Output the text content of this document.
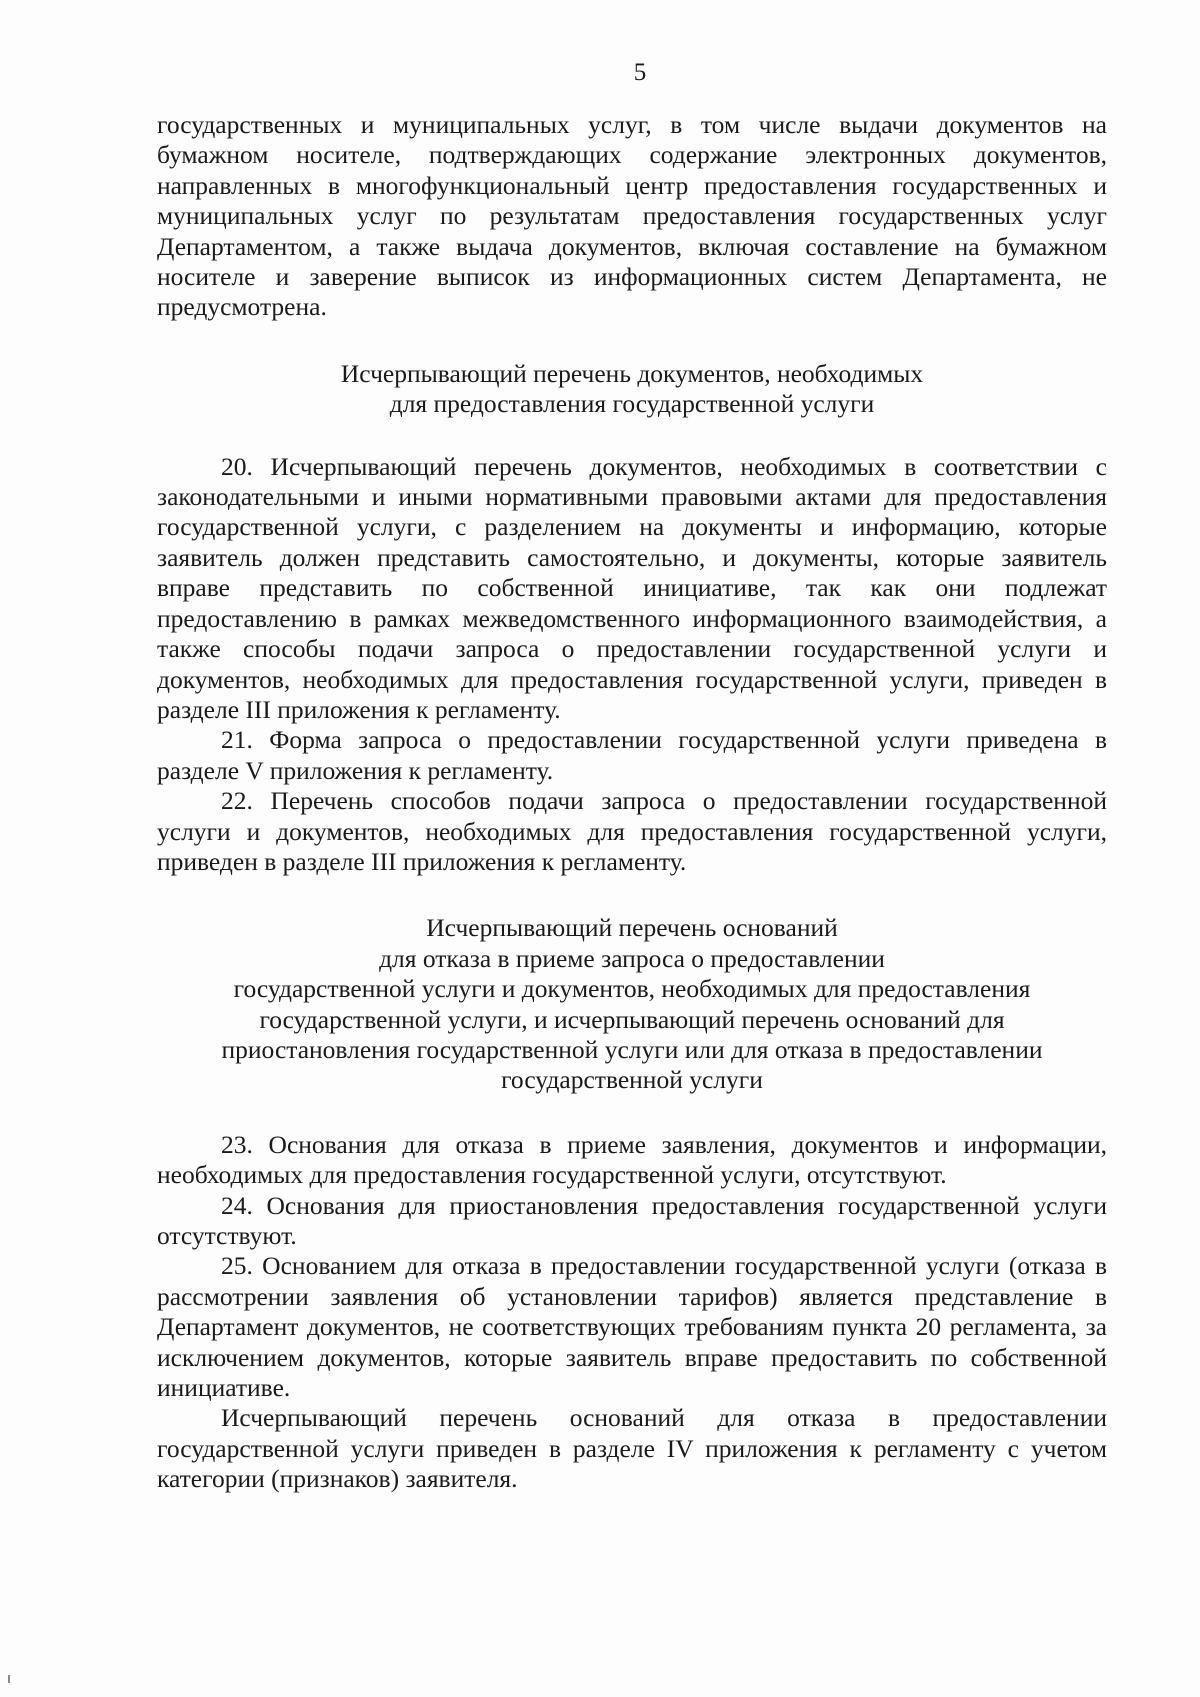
5

государственных и муниципальных услуг, в том числе выдачи документов на бумажном носителе, подтверждающих содержание электронных документов, направленных в многофункциональный центр предоставления государственных и муниципальных услуг по результатам предоставления государственных услуг Департаментом, а также выдача документов, включая составление на бумажном носителе и заверение выписок из информационных систем Департамента, не предусмотрена.

Исчерпывающий перечень документов, необходимых

для предоставления государственной услуги

20. Исчерпывающий перечень документов, необходимых в соответствии с законодательными и иными нормативными правовыми актами для предоставления государственной услуги, с разделением на документы и информацию, которые заявитель должен представить самостоятельно, и документы, которые заявитель вправе представить по собственной инициативе, так как они подлежат предоставлению в рамках межведомственного информационного взаимодействия, а также способы подачи запроса о предоставлении государственной услуги и документов, необходимых для предоставления государственной услуги, приведен в разделе III приложения к регламенту.

21. Форма запроса о предоставлении государственной услуги приведена в разделе V приложения к регламенту.

22. Перечень способов подачи запроса о предоставлении государственной услуги и документов, необходимых для предоставления государственной услуги, приведен в разделе III приложения к регламенту.

Исчерпывающий перечень оснований

для отказа в приеме запроса о предоставлении

государственной услуги и документов, необходимых для предоставления

государственной услуги, и исчерпывающий перечень оснований для

приостановления государственной услуги или для отказа в предоставлении

государственной услуги

23. Основания для отказа в приеме заявления, документов и информации, необходимых для предоставления государственной услуги, отсутствуют.

24. Основания для приостановления предоставления государственной услуги отсутствуют.

25. Основанием для отказа в предоставлении государственной услуги (отказа в рассмотрении заявления об установлении тарифов) является представление в Департамент документов, не соответствующих требованиям пункта 20 регламента, за исключением документов, которые заявитель вправе предоставить по собственной инициативе.

Исчерпывающий перечень оснований для отказа в предоставлении государственной услуги приведен в разделе IV приложения к регламенту с учетом категории (признаков) заявителя.
